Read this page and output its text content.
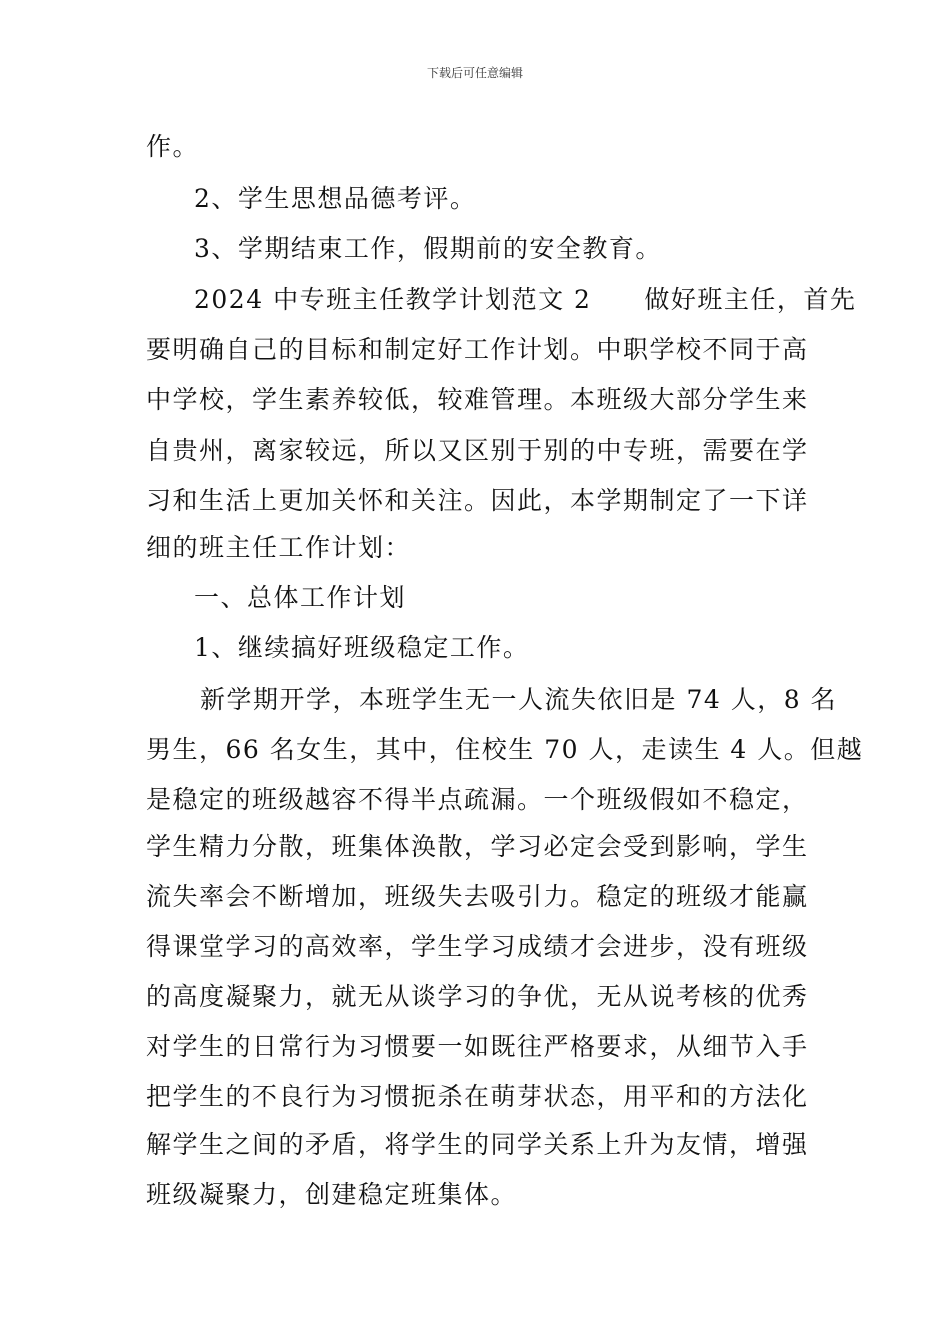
下载后可任意编辑
作。
2、学生思想品德考评。
3、学期结束工作，假期前的安全教育。
2024 中专班主任教学计划范文 2　　做好班主任，首先
要明确自己的目标和制定好工作计划。中职学校不同于高
中学校，学生素养较低，较难管理。本班级大部分学生来
自贵州，离家较远，所以又区别于别的中专班，需要在学
习和生活上更加关怀和关注。因此，本学期制定了一下详
细的班主任工作计划：
一、总体工作计划
1、继续搞好班级稳定工作。
新学期开学，本班学生无一人流失依旧是 74 人，8 名
男生，66 名女生，其中，住校生 70 人，走读生 4 人。但越
是稳定的班级越容不得半点疏漏。一个班级假如不稳定，
学生精力分散，班集体涣散，学习必定会受到影响，学生
流失率会不断增加，班级失去吸引力。稳定的班级才能赢
得课堂学习的高效率，学生学习成绩才会进步，没有班级
的高度凝聚力，就无从谈学习的争优，无从说考核的优秀
对学生的日常行为习惯要一如既往严格要求，从细节入手
把学生的不良行为习惯扼杀在萌芽状态，用平和的方法化
解学生之间的矛盾，将学生的同学关系上升为友情，增强
班级凝聚力，创建稳定班集体。
